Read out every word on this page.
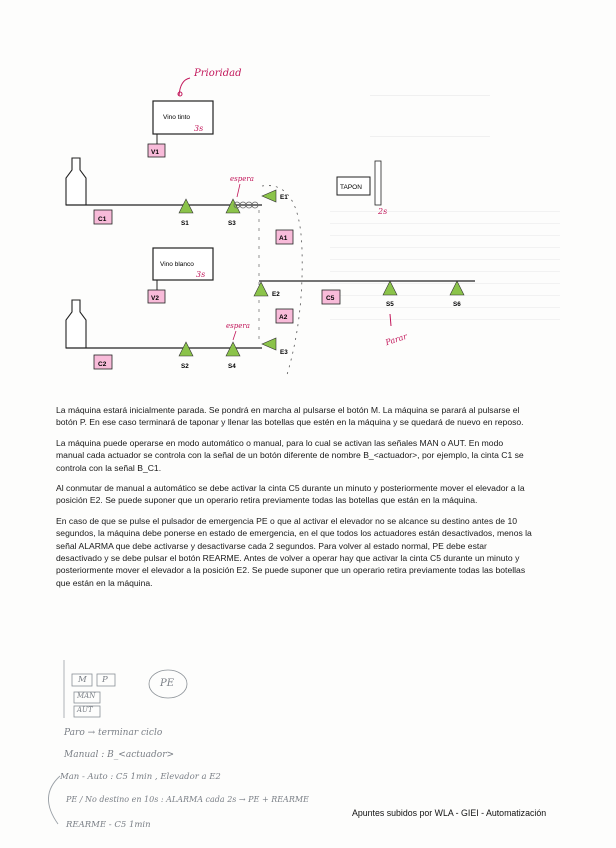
Prioridad
Vino tinto
3s
V1
C1
S1	S3
espera
E1
A1
TAPON
2s
E2
C5
S5	S6
Parar
A2
Vino blanco
3s
V2
C2	S2	S4
espera
E3

La máquina estará inicialmente parada. Se pondrá en marcha al pulsarse el botón M. La máquina se parará al pulsarse el botón P. En ese caso terminará de taponar y llenar las botellas que estén en la máquina y se quedará de nuevo en reposo.

La máquina puede operarse en modo automático o manual, para lo cual se activan las señales MAN o AUT. En modo manual cada actuador se controla con la señal de un botón diferente de nombre B_<actuador>, por ejemplo, la cinta C1 se controla con la señal B_C1.

Al conmutar de manual a automático se debe activar la cinta C5 durante un minuto y posteriormente mover el elevador a la posición E2. Se puede suponer que un operario retira previamente todas las botellas que están en la máquina.

En caso de que se pulse el pulsador de emergencia PE o que al activar el elevador no se alcance su destino antes de 10 segundos, la máquina debe ponerse en estado de emergencia, en el que todos los actuadores están desactivados, menos la señal ALARMA que debe activarse y desactivarse cada 2 segundos. Para volver al estado normal, PE debe estar desactivado y se debe pulsar el botón REARME. Antes de volver a operar hay que activar la cinta C5 durante un minuto y posteriormente mover el elevador a la posición E2. Se puede suponer que un operario retira previamente todas las botellas que están en la máquina.

M P
MAN
AUT
PE
Paro → terminar ciclo
Manual : B_<actuador>
Man - Auto : C5 1min , Elevador a E2
PE / No destino en 10s : ALARMA cada 2s → PE + REARME
REARME - C5 1min
Apuntes subidos por WLA - GIEI - Automatización
